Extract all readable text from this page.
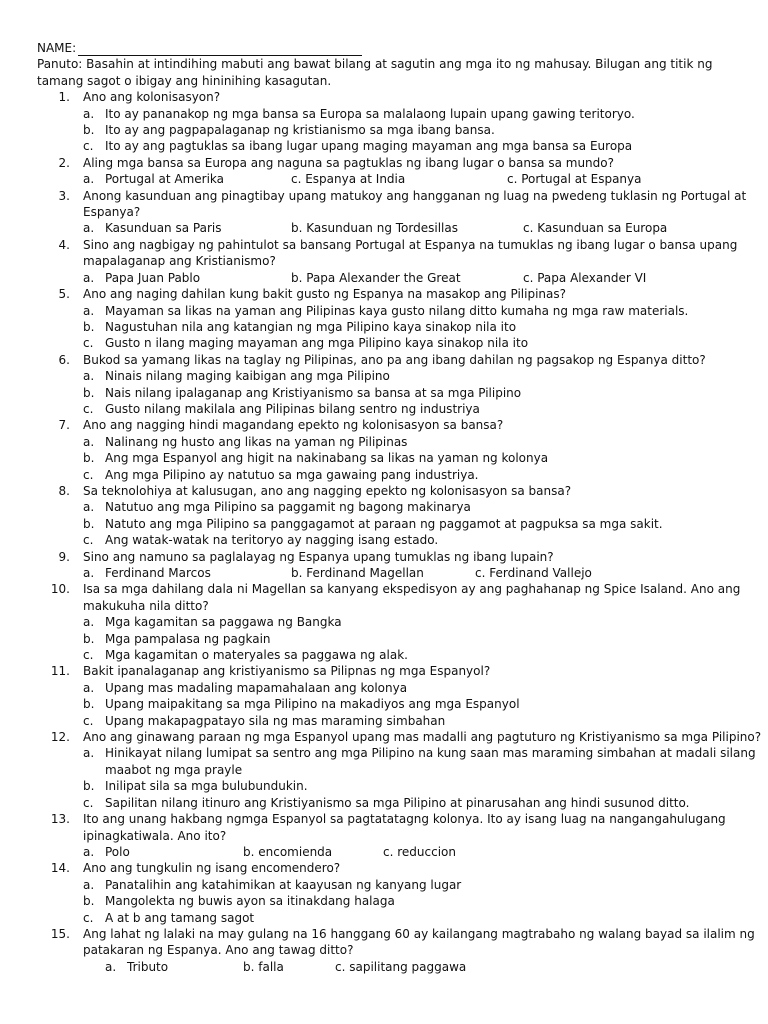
NAME:
Panuto: Basahin at intindihing mabuti ang bawat bilang at sagutin ang mga ito ng mahusay. Bilugan ang titik ng tamang sagot o ibigay ang hininihing kasagutan.
1. Ano ang kolonisasyon?
a. Ito ay pananakop ng mga bansa sa Europa sa malalaong lupain upang gawing teritoryo.
b. Ito ay ang pagpapalaganap ng kristianismo sa mga ibang bansa.
c. Ito ay ang pagtuklas sa ibang lugar upang maging mayaman ang mga bansa sa Europa
2. Aling mga bansa sa Europa ang naguna sa pagtuklas ng ibang lugar o bansa sa mundo?
a. Portugal at Amerika	c. Espanya at India	c. Portugal at Espanya
3. Anong kasunduan ang pinagtibay upang matukoy ang hangganan ng luag na pwedeng tuklasin ng Portugal at
Espanya?
a. Kasunduan sa Paris	b. Kasunduan ng Tordesillas	c. Kasunduan sa Europa
4. Sino ang nagbigay ng pahintulot sa bansang Portugal at Espanya na tumuklas ng ibang lugar o bansa upang
mapalaganap ang Kristianismo?
a. Papa Juan Pablo	b. Papa Alexander the Great	c. Papa Alexander VI
5. Ano ang naging dahilan kung bakit gusto ng Espanya na masakop ang Pilipinas?
a. Mayaman sa likas na yaman ang Pilipinas kaya gusto nilang ditto kumaha ng mga raw materials.
b. Nagustuhan nila ang katangian ng mga Pilipino kaya sinakop nila ito
c. Gusto n ilang maging mayaman ang mga Pilipino kaya sinakop nila ito
6. Bukod sa yamang likas na taglay ng Pilipinas, ano pa ang ibang dahilan ng pagsakop ng Espanya ditto?
a. Ninais nilang maging kaibigan ang mga Pilipino
b. Nais nilang ipalaganap ang Kristiyanismo sa bansa at sa mga Pilipino
c. Gusto nilang makilala ang Pilipinas bilang sentro ng industriya
7. Ano ang nagging hindi magandang epekto ng kolonisasyon sa bansa?
a. Nalinang ng husto ang likas na yaman ng Pilipinas
b. Ang mga Espanyol ang higit na nakinabang sa likas na yaman ng kolonya
c. Ang mga Pilipino ay natutuo sa mga gawaing pang industriya.
8. Sa teknolohiya at kalusugan, ano ang nagging epekto ng kolonisasyon sa bansa?
a. Natutuo ang mga Pilipino sa paggamit ng bagong makinarya
b. Natuto ang mga Pilipino sa panggagamot at paraan ng paggamot at pagpuksa sa mga sakit.
c. Ang watak-watak na teritoryo ay nagging isang estado.
9. Sino ang namuno sa paglalayag ng Espanya upang tumuklas ng ibang lupain?
a. Ferdinand Marcos	b. Ferdinand Magellan	c. Ferdinand Vallejo
10. Isa sa mga dahilang dala ni Magellan sa kanyang ekspedisyon ay ang paghahanap ng Spice Isaland. Ano ang
makukuha nila ditto?
a. Mga kagamitan sa paggawa ng Bangka
b. Mga pampalasa ng pagkain
c. Mga kagamitan o materyales sa paggawa ng alak.
11. Bakit ipanalaganap ang kristiyanismo sa Pilipnas ng mga Espanyol?
a. Upang mas madaling mapamahalaan ang kolonya
b. Upang maipakitang sa mga Pilipino na makadiyos ang mga Espanyol
c. Upang makapagpatayo sila ng mas maraming simbahan
12. Ano ang ginawang paraan ng mga Espanyol upang mas madalli ang pagtuturo ng Kristiyanismo sa mga Pilipino?
a. Hinikayat nilang lumipat sa sentro ang mga Pilipino na kung saan mas maraming simbahan at madali silang
maabot ng mga prayle
b. Inilipat sila sa mga bulubundukin.
c. Sapilitan nilang itinuro ang Kristiyanismo sa mga Pilipino at pinarusahan ang hindi susunod ditto.
13. Ito ang unang hakbang ngmga Espanyol sa pagtatatagng kolonya. Ito ay isang luag na nangangahulugang
ipinagkatiwala. Ano ito?
a. Polo	b. encomienda	c. reduccion
14. Ano ang tungkulin ng isang encomendero?
a. Panatalihin ang katahimikan at kaayusan ng kanyang lugar
b. Mangolekta ng buwis ayon sa itinakdang halaga
c. A at b ang tamang sagot
15. Ang lahat ng lalaki na may gulang na 16 hanggang 60 ay kailangang magtrabaho ng walang bayad sa ilalim ng
patakaran ng Espanya. Ano ang tawag ditto?
a. Tributo	b. falla	c. sapilitang paggawa
